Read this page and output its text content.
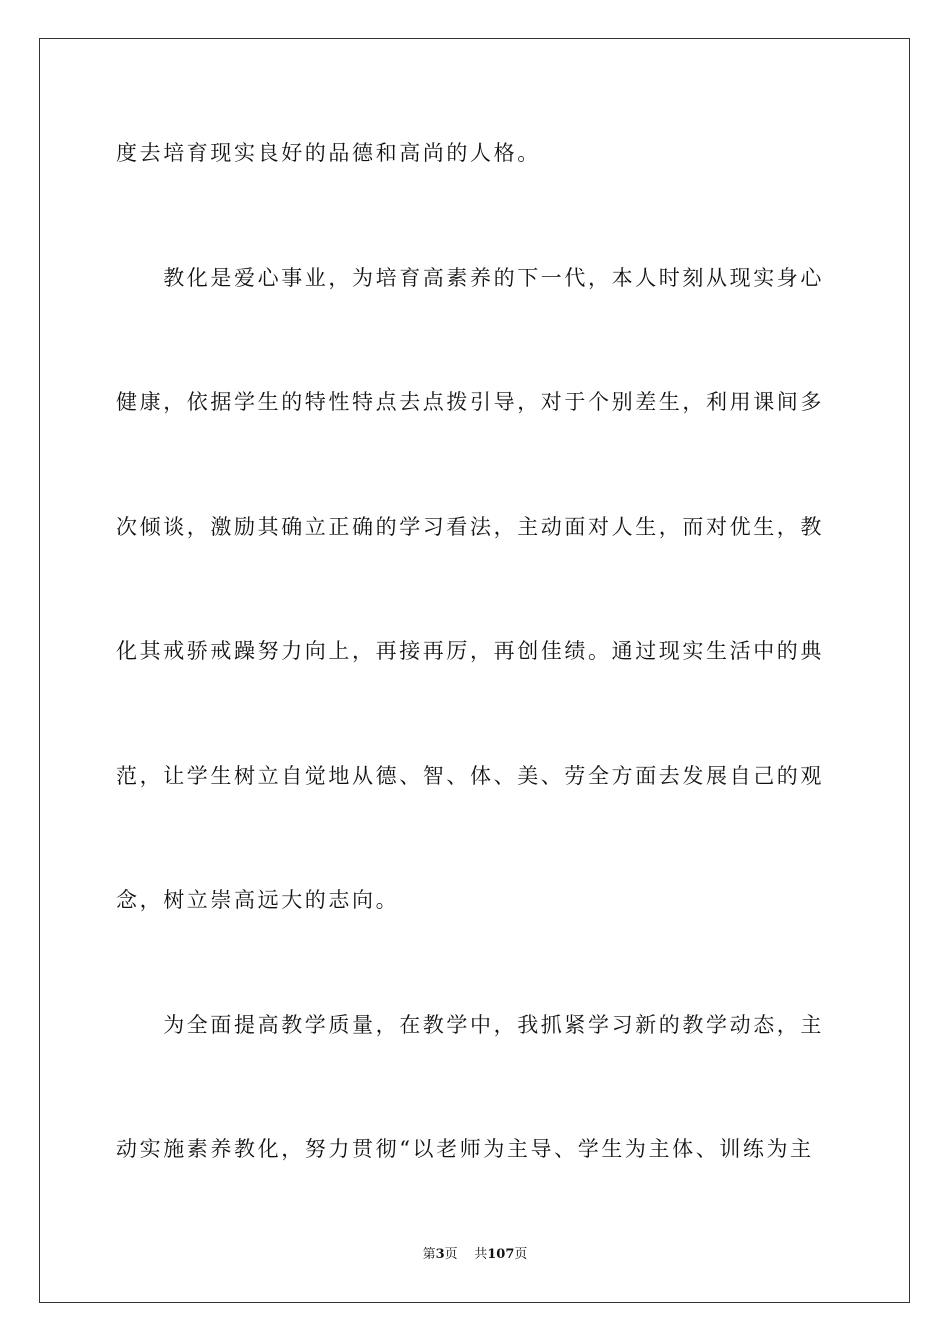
度去培育现实良好的品德和高尚的人格。
　　教化是爱心事业，为培育高素养的下一代，本人时刻从现实身心
健康，依据学生的特性特点去点拨引导，对于个别差生，利用课间多
次倾谈，激励其确立正确的学习看法，主动面对人生，而对优生，教
化其戒骄戒躁努力向上，再接再厉，再创佳绩。通过现实生活中的典
范，让学生树立自觉地从德、智、体、美、劳全方面去发展自己的观
念，树立崇高远大的志向。
　　为全面提高教学质量，在教学中，我抓紧学习新的教学动态，主
动实施素养教化，努力贯彻“以老师为主导、学生为主体、训练为主
第3页 共107页
